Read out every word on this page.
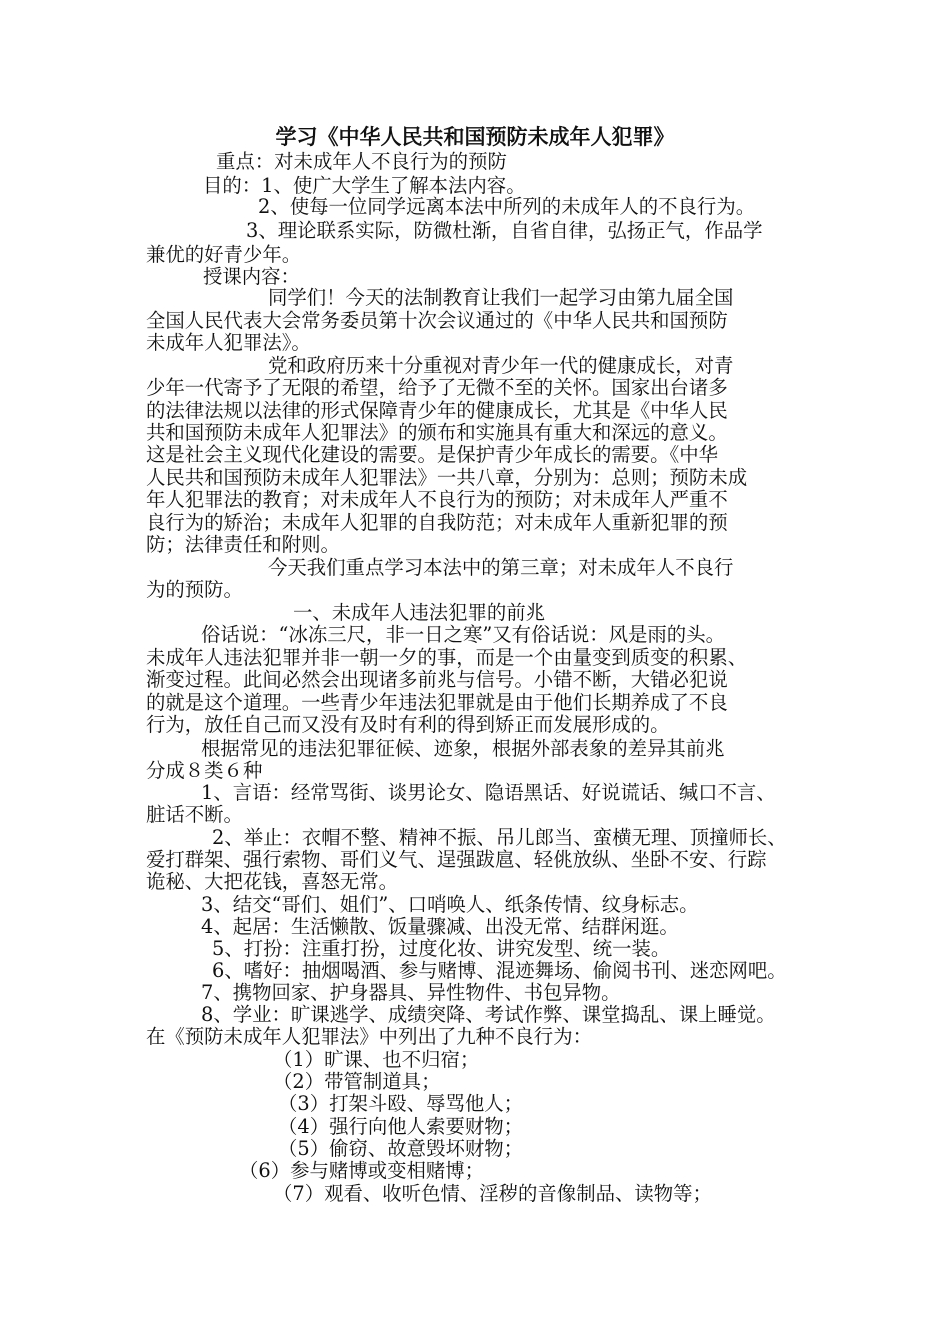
学习《中华人民共和国预防未成年人犯罪》
重点：对未成年人不良行为的预防
目的：1、使广大学生了解本法内容。
2、使每一位同学远离本法中所列的未成年人的不良行为。
3、理论联系实际，防微杜渐，自省自律，弘扬正气，作品学
兼优的好青少年。
授课内容：
同学们！今天的法制教育让我们一起学习由第九届全国
全国人民代表大会常务委员第十次会议通过的《中华人民共和国预防
未成年人犯罪法》。
党和政府历来十分重视对青少年一代的健康成长，对青
少年一代寄予了无限的希望，给予了无微不至的关怀。国家出台诸多
的法律法规以法律的形式保障青少年的健康成长，尤其是《中华人民
共和国预防未成年人犯罪法》的颁布和实施具有重大和深远的意义。
这是社会主义现代化建设的需要。是保护青少年成长的需要。《中华
人民共和国预防未成年人犯罪法》一共八章，分别为：总则；预防未成
年人犯罪法的教育；对未成年人不良行为的预防；对未成年人严重不
良行为的矫治；未成年人犯罪的自我防范；对未成年人重新犯罪的预
防；法律责任和附则。
今天我们重点学习本法中的第三章；对未成年人不良行
为的预防。
一、未成年人违法犯罪的前兆
俗话说：“冰冻三尺，非一日之寒”又有俗话说：风是雨的头。
未成年人违法犯罪并非一朝一夕的事，而是一个由量变到质变的积累、
渐变过程。此间必然会出现诸多前兆与信号。小错不断，大错必犯说
的就是这个道理。一些青少年违法犯罪就是由于他们长期养成了不良
行为，放任自己而又没有及时有利的得到矫正而发展形成的。
根据常见的违法犯罪征候、迹象，根据外部表象的差异其前兆
分成８类６种
1、言语：经常骂街、谈男论女、隐语黑话、好说谎话、缄口不言、
脏话不断。
2、举止：衣帽不整、精神不振、吊儿郎当、蛮横无理、顶撞师长、
爱打群架、强行索物、哥们义气、逞强跋扈、轻佻放纵、坐卧不安、行踪
诡秘、大把花钱，喜怒无常。
3、结交“哥们、姐们”、口哨唤人、纸条传情、纹身标志。
4、起居：生活懒散、饭量骤减、出没无常、结群闲逛。
5、打扮：注重打扮，过度化妆、讲究发型、统一装。
6、嗜好：抽烟喝酒、参与赌博、混迹舞场、偷阅书刊、迷恋网吧。
7、携物回家、护身器具、异性物件、书包异物。
8、学业：旷课逃学、成绩突降、考试作弊、课堂捣乱、课上睡觉。
在《预防未成年人犯罪法》中列出了九种不良行为：
（1）旷课、也不归宿；
（2）带管制道具；
（3）打架斗殴、辱骂他人；
（4）强行向他人索要财物；
（5）偷窃、故意毁坏财物；
（6）参与赌博或变相赌博；
（7）观看、收听色情、淫秽的音像制品、读物等；
